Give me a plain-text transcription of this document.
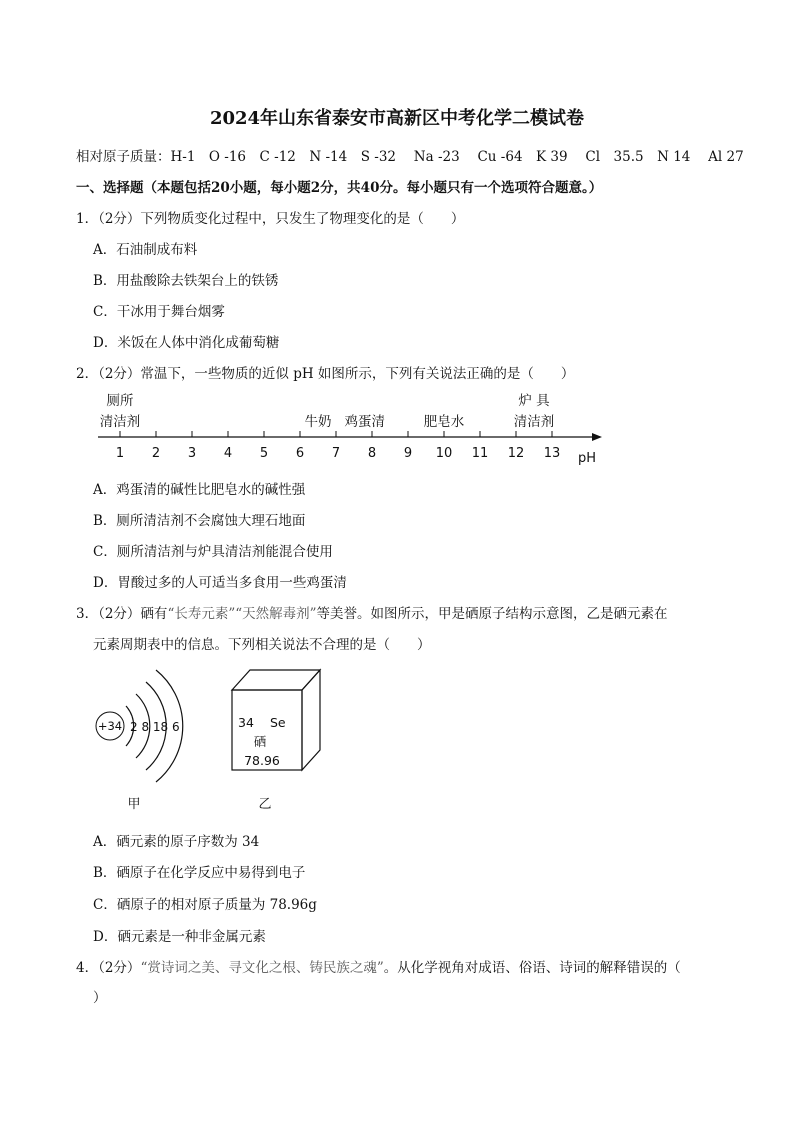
2024年山东省泰安市高新区中考化学二模试卷
相对原子质量：H-1　O -16　C -12　N -14　S -32　 Na -23　 Cu -64　K 39　 Cl　35.5　N 14　 Al 27
一、选择题（本题包括20小题，每小题2分，共40分。每小题只有一个选项符合题意。）
1．（2分）下列物质变化过程中，只发生了物理变化的是（　　）
A．石油制成布料
B．用盐酸除去铁架台上的铁锈
C．干冰用于舞台烟雾
D．米饭在人体中消化成葡萄糖
2．（2分）常温下，一些物质的近似 pH 如图所示，下列有关说法正确的是（　　）
1 2 3 4 5 6 7 8 9 10 11 12 13
厕所
清洁剂	牛奶 鸡蛋清	肥皂水
炉 具
清洁剂
pH
A．鸡蛋清的碱性比肥皂水的碱性强
B．厕所清洁剂不会腐蚀大理石地面
C．厕所清洁剂与炉具清洁剂能混合使用
D．胃酸过多的人可适当多食用一些鸡蛋清
3．（2分）硒有“长寿元素”“天然解毒剂”等美誉。如图所示，甲是硒原子结构示意图，乙是硒元素在
元素周期表中的信息。下列相关说法不合理的是（　　）
+34 2 8 18 6
甲
34 Se
硒
78.96
乙
A．硒元素的原子序数为 34
B．硒原子在化学反应中易得到电子
C．硒原子的相对原子质量为 78.96g
D．硒元素是一种非金属元素
4．（2分）“赏诗词之美、寻文化之根、铸民族之魂”。从化学视角对成语、俗语、诗词的解释错误的（
）
